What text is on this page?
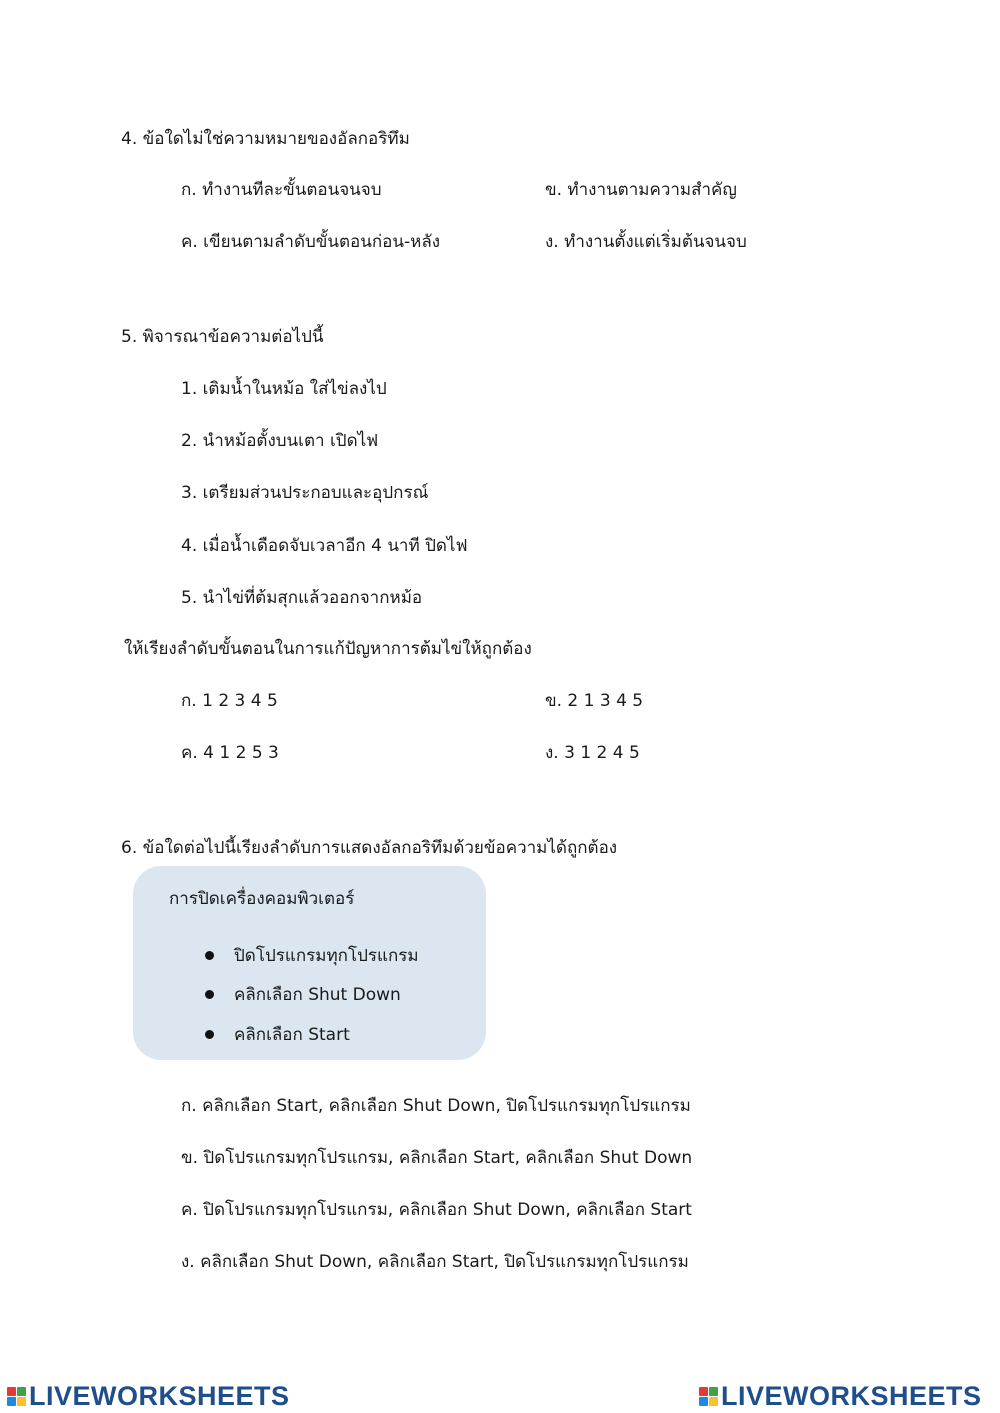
4. ข้อใดไม่ใช่ความหมายของอัลกอริทึม
ก. ทำงานทีละขั้นตอนจนจบ	ข. ทำงานตามความสำคัญ
ค. เขียนตามลำดับขั้นตอนก่อน-หลัง	ง. ทำงานตั้งแต่เริ่มต้นจนจบ
5. พิจารณาข้อความต่อไปนี้
1. เติมน้ำในหม้อ ใส่ไข่ลงไป
2. นำหม้อตั้งบนเตา เปิดไฟ
3. เตรียมส่วนประกอบและอุปกรณ์
4. เมื่อน้ำเดือดจับเวลาอีก 4 นาที ปิดไฟ
5. นำไข่ที่ต้มสุกแล้วออกจากหม้อ
ให้เรียงลำดับขั้นตอนในการแก้ปัญหาการต้มไข่ให้ถูกต้อง
ก. 1 2 3 4 5	ข. 2 1 3 4 5
ค. 4 1 2 5 3	ง. 3 1 2 4 5
6. ข้อใดต่อไปนี้เรียงลำดับการแสดงอัลกอริทึมด้วยข้อความได้ถูกต้อง
การปิดเครื่องคอมพิวเตอร์
ปิดโปรแกรมทุกโปรแกรม
คลิกเลือก Shut Down
คลิกเลือก Start
ก. คลิกเลือก Start, คลิกเลือก Shut Down, ปิดโปรแกรมทุกโปรแกรม
ข. ปิดโปรแกรมทุกโปรแกรม, คลิกเลือก Start, คลิกเลือก Shut Down
ค. ปิดโปรแกรมทุกโปรแกรม, คลิกเลือก Shut Down, คลิกเลือก Start
ง. คลิกเลือก Shut Down, คลิกเลือก Start, ปิดโปรแกรมทุกโปรแกรม
LIVEWORKSHEETS	LIVEWORKSHEETS
